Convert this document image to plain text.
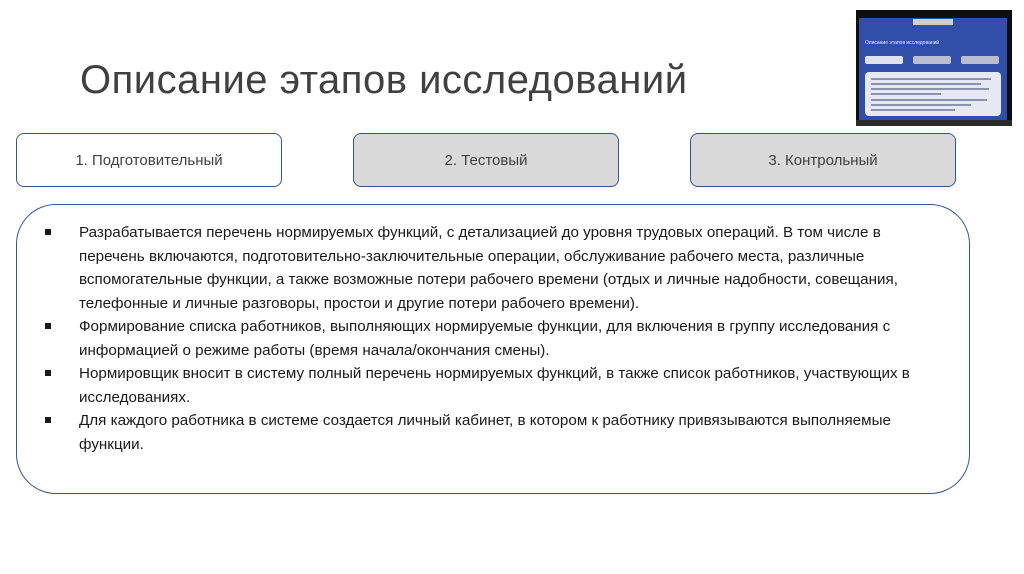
Описание этапов исследований
Описание этапов исследований
1. Подготовительный	2. Тестовый	3. Контрольный
Разрабатывается перечень нормируемых функций, с детализацией до уровня трудовых операций. В том числе в перечень включаются, подготовительно-заключительные операции, обслуживание рабочего места, различные вспомогательные функции, а также возможные потери рабочего времени (отдых и личные надобности, совещания, телефонные и личные разговоры, простои и другие потери рабочего времени).
Формирование списка работников, выполняющих нормируемые функции, для включения в группу исследования с информацией о режиме работы (время начала/окончания смены).
Нормировщик вносит в систему полный перечень нормируемых функций, в также список работников, участвующих в исследованиях.
Для каждого работника в системе создается личный кабинет, в котором к работнику привязываются выполняемые функции.
